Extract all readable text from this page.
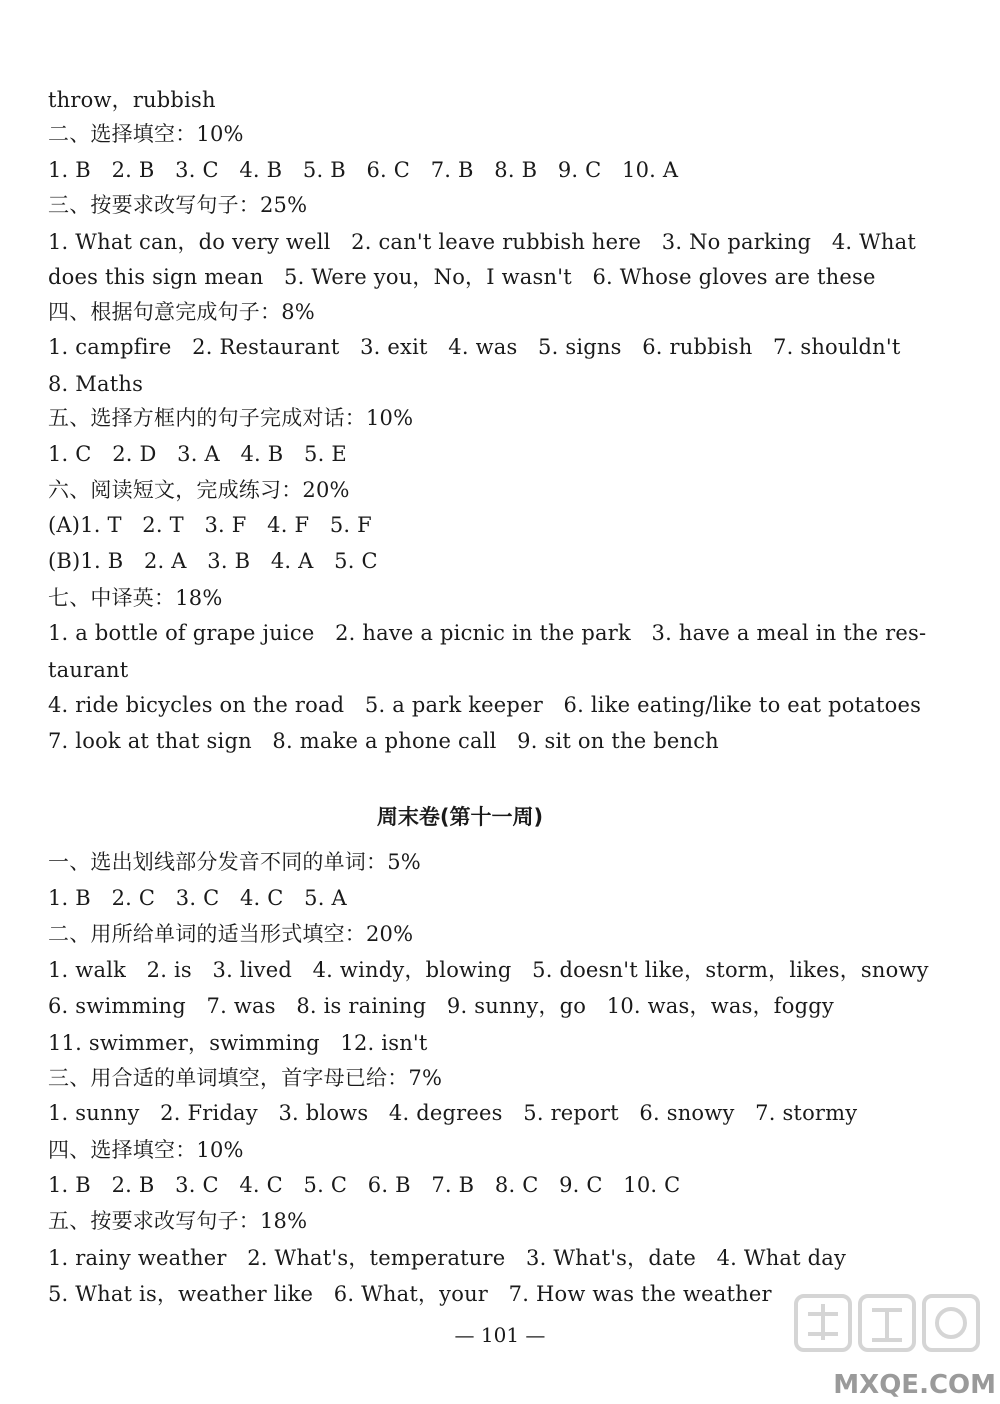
throw，rubbish
二、选择填空：10%
1. B   2. B   3. C   4. B   5. B   6. C   7. B   8. B   9. C   10. A
三、按要求改写句子：25%
1. What can，do very well   2. can't leave rubbish here   3. No parking   4. What
does this sign mean   5. Were you，No，I wasn't   6. Whose gloves are these
四、根据句意完成句子：8%
1. campfire   2. Restaurant   3. exit   4. was   5. signs   6. rubbish   7. shouldn't
8. Maths
五、选择方框内的句子完成对话：10%
1. C   2. D   3. A   4. B   5. E
六、阅读短文，完成练习：20%
(A)1. T   2. T   3. F   4. F   5. F
(B)1. B   2. A   3. B   4. A   5. C
七、中译英：18%
1. a bottle of grape juice   2. have a picnic in the park   3. have a meal in the res-
taurant
4. ride bicycles on the road   5. a park keeper   6. like eating/like to eat potatoes
7. look at that sign   8. make a phone call   9. sit on the bench
周末卷(第十一周)
一、选出划线部分发音不同的单词：5%
1. B   2. C   3. C   4. C   5. A
二、用所给单词的适当形式填空：20%
1. walk   2. is   3. lived   4. windy，blowing   5. doesn't like，storm，likes，snowy
6. swimming   7. was   8. is raining   9. sunny，go   10. was，was，foggy
11. swimmer，swimming   12. isn't
三、用合适的单词填空，首字母已给：7%
1. sunny   2. Friday   3. blows   4. degrees   5. report   6. snowy   7. stormy
四、选择填空：10%
1. B   2. B   3. C   4. C   5. C   6. B   7. B   8. C   9. C   10. C
五、按要求改写句子：18%
1. rainy weather   2. What's，temperature   3. What's，date   4. What day
5. What is，weather like   6. What，your   7. How was the weather
— 101 —
MXQE.COM
